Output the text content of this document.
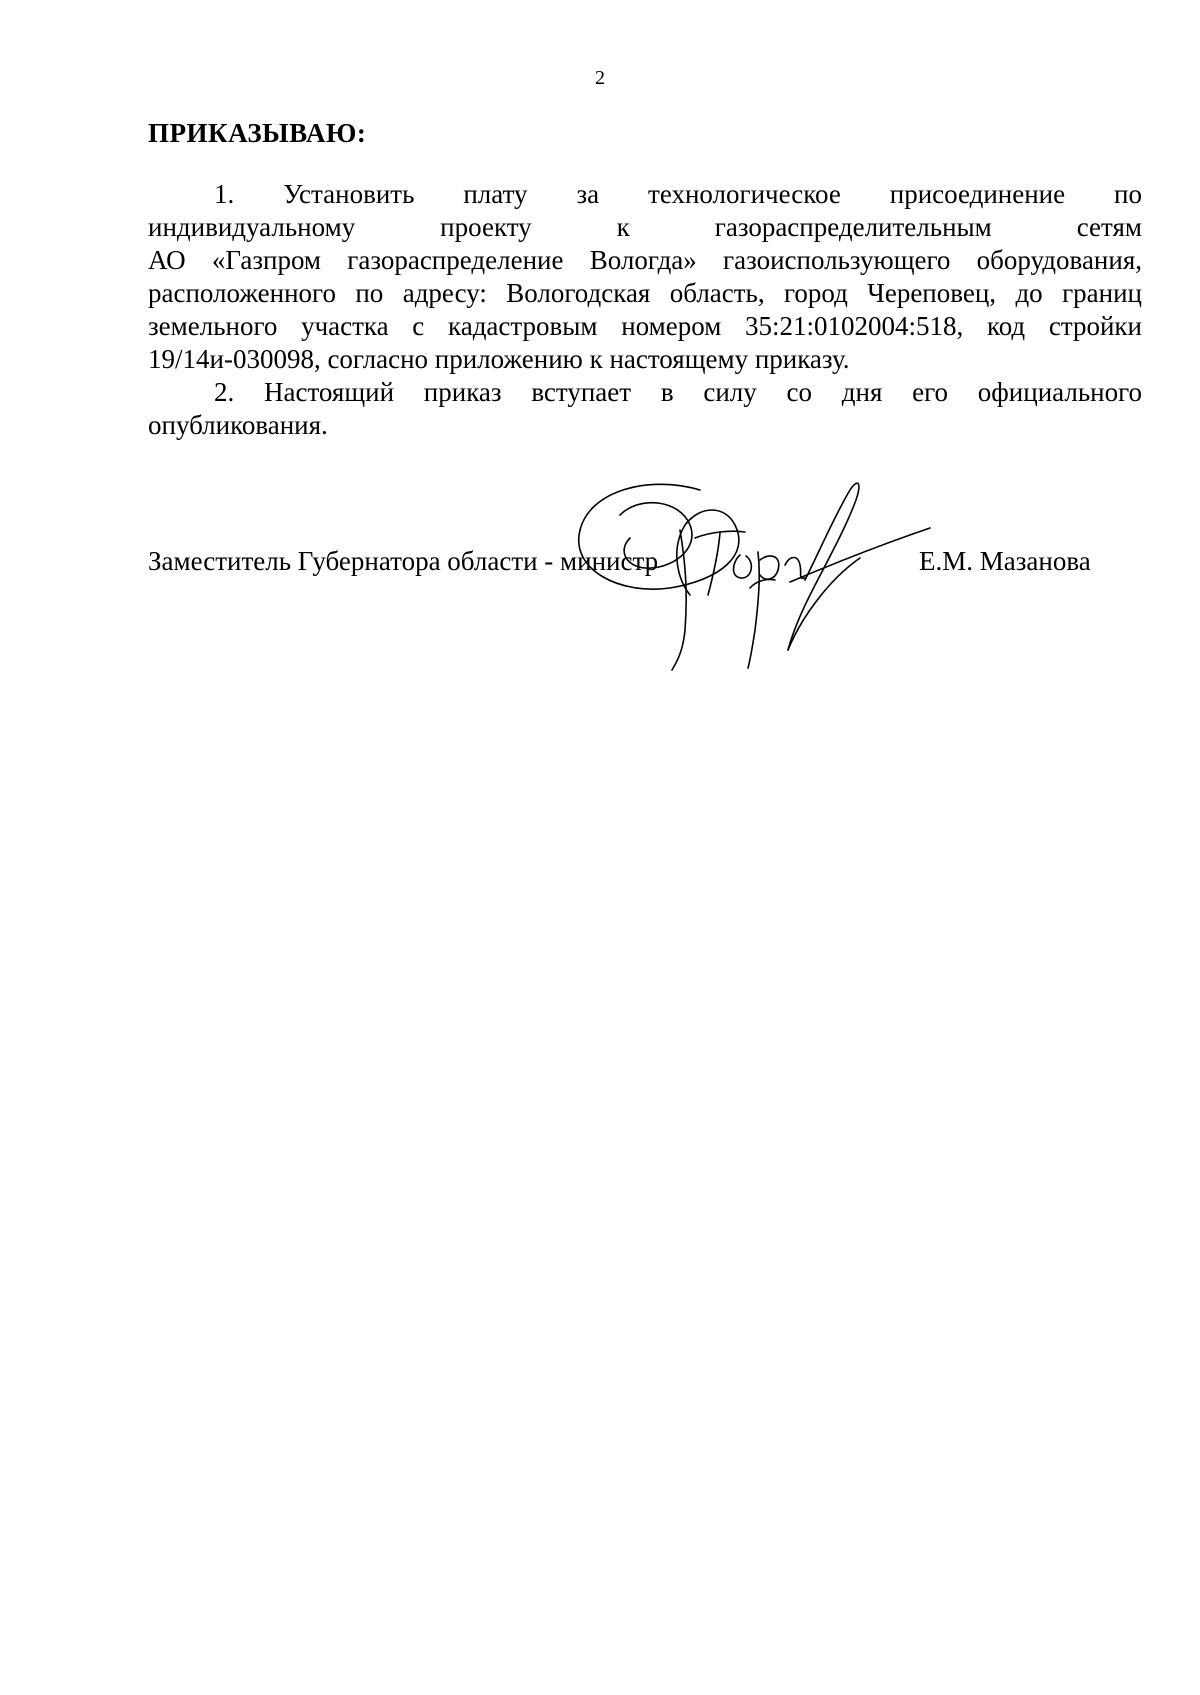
2
ПРИКАЗЫВАЮ:
1. Установить плату за технологическое присоединение по
индивидуальному проекту к газораспределительным сетям
АО «Газпром газораспределение Вологда» газоиспользующего оборудования,
расположенного по адресу: Вологодская область, город Череповец, до границ
земельного участка с кадастровым номером 35:21:0102004:518, код стройки
19/14и-030098, согласно приложению к настоящему приказу.
2. Настоящий приказ вступает в силу со дня его официального
опубликования.
Заместитель Губернатора области - министр	Е.М. Мазанова
